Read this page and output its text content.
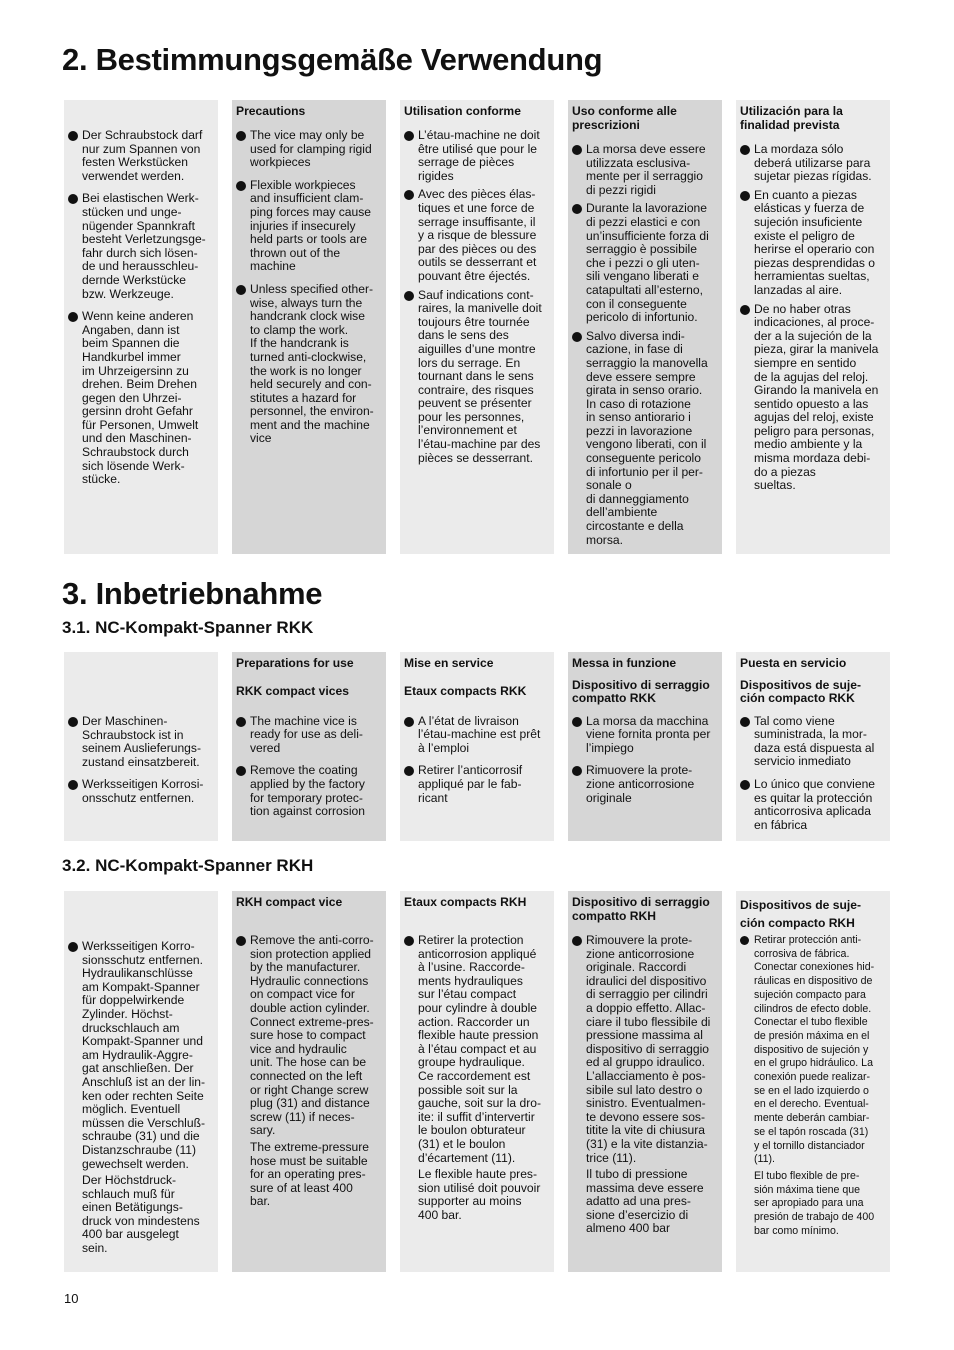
2. Bestimmungsgemäße Verwendung
Der Schraubstock darf
nur zum Spannen von
festen Werkstücken
verwendet werden.
Bei elastischen Werk-
stücken und unge-
nügender Spannkraft
besteht Verletzungsge-
fahr durch sich lösen-
de und herausschleu-
dernde Werkstücke
bzw. Werkzeuge.
Wenn keine anderen
Angaben, dann ist
beim Spannen die
Handkurbel immer
im Uhrzeigersinn zu
drehen. Beim Drehen
gegen den Uhrzei-
gersinn droht Gefahr
für Personen, Umwelt
und den Maschinen-
Schraubstock durch
sich lösende Werk-
stücke.
Precautions
The vice may only be
used for clamping rigid
workpieces
Flexible workpieces
and insufficient clam-
ping forces may cause
injuries if insecurely
held parts or tools are
thrown out of the
machine
Unless specified other-
wise, always turn the
handcrank clock wise
to clamp the work.
If the handcrank is
turned anti-clockwise,
the work is no longer
held securely and con-
stitutes a hazard for
personnel, the environ-
ment and the machine
vice
Utilisation conforme
L’étau-machine ne doit
être utilisé que pour le
serrage de pièces
rigides
Avec des pièces élas-
tiques et une force de
serrage insuffisante, il
y a risque de blessure
par des pièces ou des
outils se desserrant et
pouvant être éjectés.
Sauf indications cont-
raires, la manivelle doit
toujours être tournée
dans le sens des
aiguilles d’une montre
lors du serrage. En
tournant dans le sens
contraire, des risques
peuvent se présenter
pour les personnes,
l’environnement et
l’étau-machine par des
pièces se desserrant.
Uso conforme alle
prescrizioni
La morsa deve essere
utilizzata esclusiva-
mente per il serraggio
di pezzi rigidi
Durante la lavorazione
di pezzi elastici e con
un’insufficiente forza di
serraggio è possibile
che i pezzi o gli uten-
sili vengano liberati e
catapultati all’esterno,
con il conseguente
pericolo di infortunio.
Salvo diversa indi-
cazione, in fase di
serraggio la manovella
deve essere sempre
girata in senso orario.
In caso di rotazione
in senso antiorario i
pezzi in lavorazione
vengono liberati, con il
conseguente pericolo
di infortunio per il per-
sonale o
di danneggiamento
dell’ambiente
circostante e della
morsa.
Utilización para la
finalidad prevista
La mordaza sólo
deberá utilizarse para
sujetar piezas rígidas.
En cuanto a piezas
elásticas y fuerza de
sujeción insuficiente
existe el peligro de
herirse el operario con
piezas desprendidas o
herramientas sueltas,
lanzadas al aire.
De no haber otras
indicaciones, al proce-
der a la sujeción de la
pieza, girar la manivela
siempre en sentido
de la agujas del reloj.
Girando la manivela en
sentido opuesto a las
agujas del reloj, existe
peligro para personas,
medio ambiente y la
misma mordaza debi-
do a piezas
sueltas.
3. Inbetriebnahme
3.1. NC-Kompakt-Spanner RKK
Der Maschinen-
Schraubstock ist in
seinem Auslieferungs-
zustand einsatzbereit.
Werksseitigen Korrosi-
onsschutz entfernen.
Preparations for use
RKK compact vices
The machine vice is
ready for use as deli-
vered
Remove the coating
applied by the factory
for temporary protec-
tion against corrosion
Mise en service
Etaux compacts RKK
A l’état de livraison
l’étau-machine est prêt
à l’emploi
Retirer l’anticorrosif
appliqué par le fab-
ricant
Messa in funzione
Dispositivo di serraggio
compatto RKK
La morsa da macchina
viene fornita pronta per
l’impiego
Rimuovere la prote-
zione anticorrosione
originale
Puesta en servicio
Dispositivos de suje-
ción compacto RKK
Tal como viene
suministrada, la mor-
daza está dispuesta al
servicio inmediato
Lo único que conviene
es quitar la protección
anticorrosiva aplicada
en fábrica
3.2. NC-Kompakt-Spanner RKH
Werksseitigen Korro-
sionsschutz entfernen.
Hydraulikanschlüsse
am Kompakt-Spanner
für doppelwirkende
Zylinder. Höchst-
druckschlauch am
Kompakt-Spanner und
am Hydraulik-Aggre-
gat anschließen. Der
Anschluß ist an der lin-
ken oder rechten Seite
möglich. Eventuell
müssen die Verschluß-
schraube (31) und die
Distanzschraube (11)
gewechselt werden.

Der Höchstdruck-
schlauch muß für
einen Betätigungs-
druck von mindestens
400 bar ausgelegt
sein.

RKH compact vice
Remove the anti-corro-
sion protection applied
by the manufacturer.
Hydraulic connections
on compact vice for
double action cylinder.
Connect extreme-pres-
sure hose to compact
vice and hydraulic
unit. The hose can be
connected on the left
or right Change screw
plug (31) and distance
screw (11) if neces-
sary.

The extreme-pressure
hose must be suitable
for an operating pres-
sure of at least 400
bar.

Etaux compacts RKH
Retirer la protection
anticorrosion appliqué
à l’usine. Raccorde-
ments hydrauliques
sur l’étau compact
pour cylindre à double
action. Raccorder un
flexible haute pression
à l’étau compact et au
groupe hydraulique.
Ce raccordement est
possible soit sur la
gauche, soit sur la dro-
ite: il suffit d’intervertir
le boulon obturateur
(31) et le boulon
d’écartement (11).

Le flexible haute pres-
sion utilisé doit pouvoir
supporter au moins
400 bar.

Dispositivo di serraggio
compatto RKH
Rimouvere la prote-
zione anticorrosione
originale. Raccordi
idraulici del dispositivo
di serraggio per cilindri
a doppio effetto. Allac-
ciare il tubo flessibile di
pressione massima al
dispositivo di serraggio
ed al gruppo idraulico.
L’allacciamento è pos-
sibile sul lato destro o
sinistro. Eventualmen-
te devono essere sos-
titite la vite di chiusura
(31) e la vite distanzia-
trice (11).

Il tubo di pressione
massima deve essere
adatto ad una pres-
sione d’esercizio di
almeno 400 bar

Dispositivos de suje-
ción compacto RKH
Retirar protección anti-
corrosiva de fábrica.
Conectar conexiones hid-
ráulicas en dispositivo de
sujeción compacto para
cilindros de efecto doble.
Conectar el tubo flexible
de presión máxima en el
dispositivo de sujeción y
en el grupo hidráulico. La
conexión puede realizar-
se en el lado izquierdo o
en el derecho. Eventual-
mente deberán cambiar-
se el tapón roscada (31)
y el tornillo distanciador
(11).

El tubo flexible de pre-
sión máxima tiene que
ser apropiado para una
presión de trabajo de 400
bar como mínimo.

10
